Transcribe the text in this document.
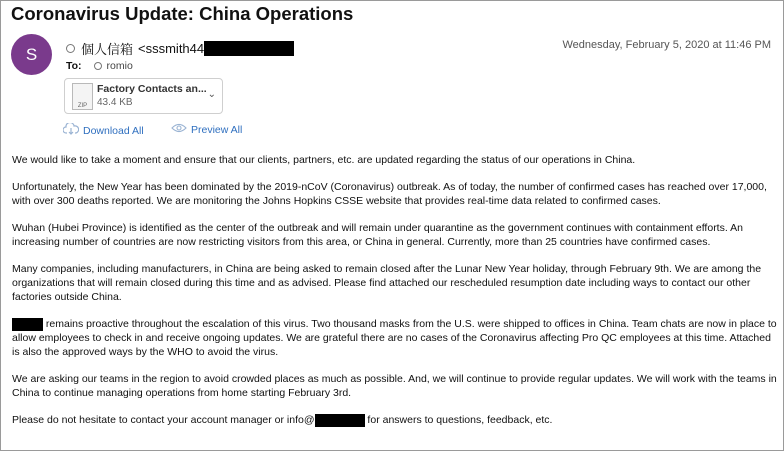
Coronavirus Update: China Operations
S	個人信箱 <sssmith44	Wednesday, February 5, 2020 at 11:46 PM
To: romio
ZIP
Factory Contacts an...
43.4 KB
⌄
Download All	Preview All

We would like to take a moment and ensure that our clients, partners, etc. are updated regarding the status of our operations in China.

Unfortunately, the New Year has been dominated by the 2019-nCoV (Coronavirus) outbreak. As of today, the number of confirmed cases has reached over 17,000, with over 300 deaths reported. We are monitoring the Johns Hopkins CSSE website that provides real-time data related to confirmed cases.

Wuhan (Hubei Province) is identified as the center of the outbreak and will remain under quarantine as the government continues with containment efforts. An increasing number of countries are now restricting visitors from this area, or China in general. Currently, more than 25 countries have confirmed cases.

Many companies, including manufacturers, in China are being asked to remain closed after the Lunar New Year holiday, through February 9th. We are among the organizations that will remain closed during this time and as advised. Please find attached our rescheduled resumption date including ways to contact our other factories outside China.

remains proactive throughout the escalation of this virus. Two thousand masks from the U.S. were shipped to offices in China. Team chats are now in place to allow employees to check in and receive ongoing updates. We are grateful there are no cases of the Coronavirus affecting Pro QC employees at this time. Attached is also the approved ways by the WHO to avoid the virus.

We are asking our teams in the region to avoid crowded places as much as possible. And, we will continue to provide regular updates. We will work with the teams in China to continue managing operations from home starting February 3rd.

Please do not hesitate to contact your account manager or info@	for answers to questions, feedback, etc.
